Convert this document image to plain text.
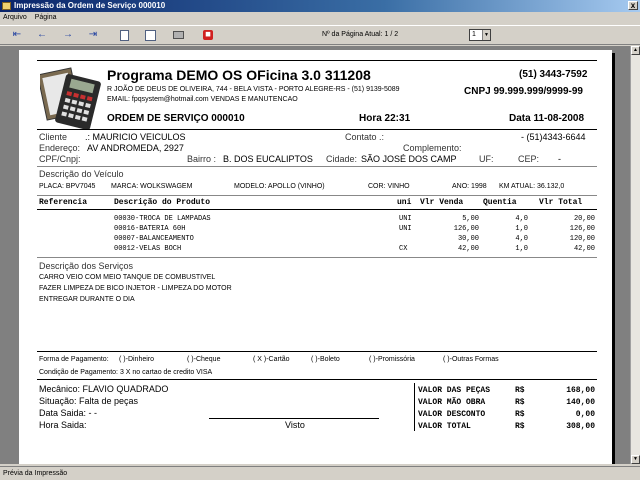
Impressão da Ordem de Serviço 000010	x
Arquivo Página
⇤ ← → ⇥	◼	Nº da Página Atual: 1 / 2	1	▼
Programa DEMO OS OFicina 3.0 311208
R JOÃO DE DEUS DE OLIVEIRA, 744 - BELA VISTA - PORTO ALEGRE-RS - (51) 9139-5089
EMAIL: fpqsystem@hotmail.com VENDAS E MANUTENCAO
(51) 3443-7592
CNPJ 99.999.999/9999-99
ORDEM DE SERVIÇO 000010	Hora 22:31	Data 11-08-2008
Cliente .: MAURICIO VEICULOS	Contato .:	- (51)4343-6644
Endereço: AV ANDROMEDA, 2927	Complemento:
CPF/Cnpj:	Bairro : B. DOS EUCALIPTOS Cidade: SÃO JOSÉ DOS CAMP UF:	CEP: -
Descrição do Veículo
PLACA: BPV7045 MARCA: WOLKSWAGEM	MODELO: APOLLO (VINHO)	COR: VINHO	ANO: 1998 KM ATUAL: 36.132,0
Referencia	Descrição do Produto	uni Vlr Venda Quentia	Vlr Total
00030-TROCA DE LAMPADAS	UNI	5,00	4,0	20,00
00016-BATERIA 60H	UNI	126,00	1,0	126,00
00007-BALANCEAMENTO	30,00	4,0	120,00
00012-VELAS BOCH	CX	42,00	1,0	42,00
Descrição dos Serviços
CARRO VEIO COM MEIO TANQUE DE COMBUSTIVEL
FAZER LIMPEZA DE BICO INJETOR - LIMPEZA DO MOTOR
ENTREGAR DURANTE O DIA
Forma de Pagamento: ( )-Dinheiro	( )-Cheque	( X )-Cartão	( )-Boleto	( )-Promissória	( )-Outras Formas
Condição de Pagamento: 3 X no cartao de credito VISA
Mecânico: FLAVIO QUADRADO
Situação: Falta de peças
Data Saida: - -
Hora Saida:	Visto
VALOR DAS PEÇAS	R$	168,00
VALOR MÃO OBRA	R$	140,00
VALOR DESCONTO	R$	0,00
VALOR TOTAL	R$	308,00
▲
▼
Prévia da Impressão
